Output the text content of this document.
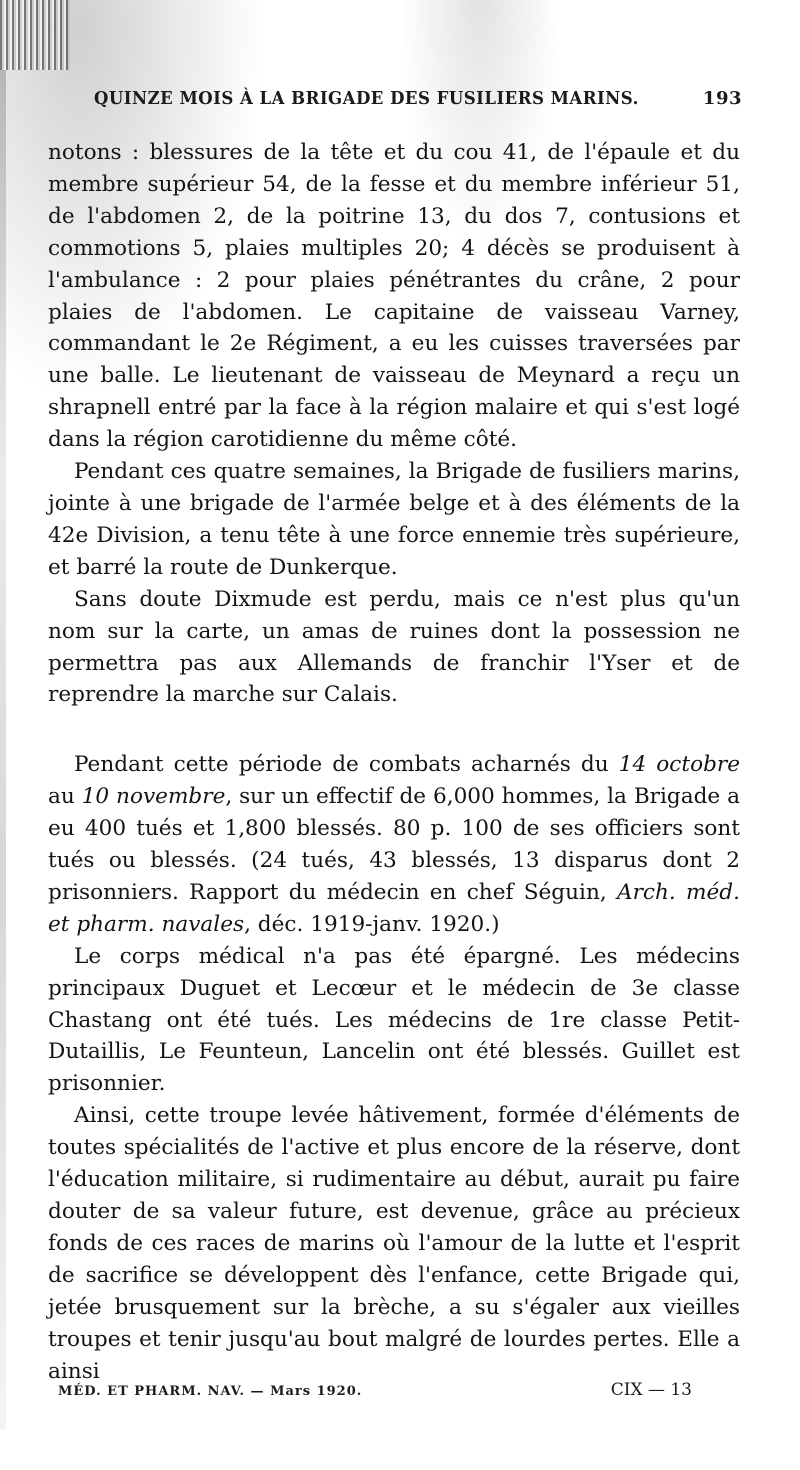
QUINZE MOIS À LA BRIGADE DES FUSILIERS MARINS.	193

notons : blessures de la tête et du cou 41, de l'épaule et du membre supérieur 54, de la fesse et du membre inférieur 51, de l'abdomen 2, de la poitrine 13, du dos 7, contusions et commotions 5, plaies multiples 20; 4 décès se produisent à l'ambulance : 2 pour plaies pénétrantes du crâne, 2 pour plaies de l'abdomen. Le capitaine de vaisseau Varney, commandant le 2e Régiment, a eu les cuisses traversées par une balle. Le lieutenant de vaisseau de Meynard a reçu un shrapnell entré par la face à la région malaire et qui s'est logé dans la région carotidienne du même côté.

Pendant ces quatre semaines, la Brigade de fusiliers marins, jointe à une brigade de l'armée belge et à des éléments de la 42e Division, a tenu tête à une force ennemie très supérieure, et barré la route de Dunkerque.

Sans doute Dixmude est perdu, mais ce n'est plus qu'un nom sur la carte, un amas de ruines dont la possession ne permettra pas aux Allemands de franchir l'Yser et de reprendre la marche sur Calais.

Pendant cette période de combats acharnés du 14 octobre au 10 novembre, sur un effectif de 6,000 hommes, la Brigade a eu 400 tués et 1,800 blessés. 80 p. 100 de ses officiers sont tués ou blessés. (24 tués, 43 blessés, 13 disparus dont 2 prisonniers. Rapport du médecin en chef Séguin, Arch. méd. et pharm. navales, déc. 1919-janv. 1920.)

Le corps médical n'a pas été épargné. Les médecins principaux Duguet et Lecœur et le médecin de 3e classe Chastang ont été tués. Les médecins de 1re classe Petit-Dutaillis, Le Feunteun, Lancelin ont été blessés. Guillet est prisonnier.

Ainsi, cette troupe levée hâtivement, formée d'éléments de toutes spécialités de l'active et plus encore de la réserve, dont l'éducation militaire, si rudimentaire au début, aurait pu faire douter de sa valeur future, est devenue, grâce au précieux fonds de ces races de marins où l'amour de la lutte et l'esprit de sacrifice se développent dès l'enfance, cette Brigade qui, jetée brusquement sur la brèche, a su s'égaler aux vieilles troupes et tenir jusqu'au bout malgré de lourdes pertes. Elle a ainsi

MÉD. ET PHARM. NAV. — Mars 1920.	CIX — 13
